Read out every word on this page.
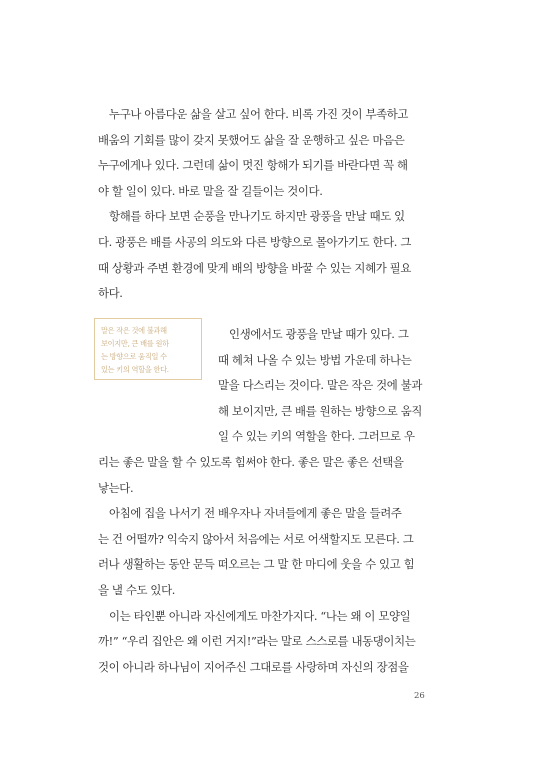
　누구나 아름다운 삶을 살고 싶어 한다. 비록 가진 것이 부족하고
배움의 기회를 많이 갖지 못했어도 삶을 잘 운행하고 싶은 마음은
누구에게나 있다. 그런데 삶이 멋진 항해가 되기를 바란다면 꼭 해
야 할 일이 있다. 바로 말을 잘 길들이는 것이다.
　항해를 하다 보면 순풍을 만나기도 하지만 광풍을 만날 때도 있
다. 광풍은 배를 사공의 의도와 다른 방향으로 몰아가기도 한다. 그
때 상황과 주변 환경에 맞게 배의 방향을 바꿀 수 있는 지혜가 필요
하다.
말은 작은 것에 불과해
보이지만, 큰 배를 원하
는 방향으로 움직일 수
있는 키의 역할을 한다.
　인생에서도 광풍을 만날 때가 있다. 그
때 헤쳐 나올 수 있는 방법 가운데 하나는
말을 다스리는 것이다. 말은 작은 것에 불과
해 보이지만, 큰 배를 원하는 방향으로 움직
일 수 있는 키의 역할을 한다. 그러므로 우
리는 좋은 말을 할 수 있도록 힘써야 한다. 좋은 말은 좋은 선택을
낳는다.
　아침에 집을 나서기 전 배우자나 자녀들에게 좋은 말을 들려주
는 건 어떨까? 익숙지 않아서 처음에는 서로 어색할지도 모른다. 그
러나 생활하는 동안 문득 떠오르는 그 말 한 마디에 웃을 수 있고 힘
을 낼 수도 있다.
　이는 타인뿐 아니라 자신에게도 마찬가지다. “나는 왜 이 모양일
까!” “우리 집안은 왜 이런 거지!”라는 말로 스스로를 내동댕이치는
것이 아니라 하나님이 지어주신 그대로를 사랑하며 자신의 장점을
26
